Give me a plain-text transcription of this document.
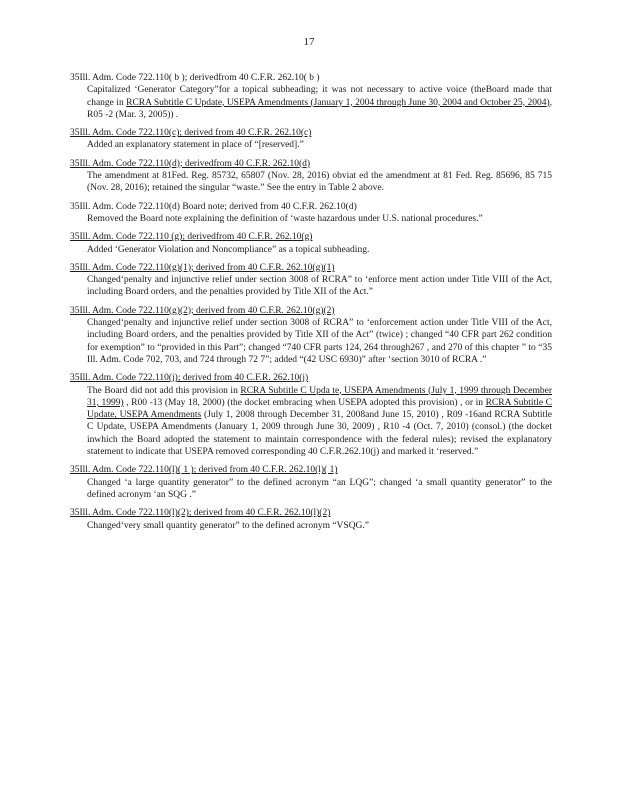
17
35Ill. Adm. Code 722.110( b ); derivedfrom 40 C.F.R. 262.10( b )
Capitalized ‘Generator Category”for a topical subheading; it was not necessary to active voice (theBoard made that change in RCRA Subtitle C Update, USEPA Amendments (January 1, 2004 through June 30, 2004 and October 25, 2004), R05 -2 (Mar. 3, 2005)) .
35Ill. Adm. Code 722.110(c); derived from 40 C.F.R. 262.10(c)
Added an explanatory statement in place of “[reserved].”
35Ill. Adm. Code 722.110(d); derivedfrom 40 C.F.R. 262.10(d)
The amendment at 81Fed. Reg. 85732, 65807 (Nov. 28, 2016) obviat ed the amendment at 81 Fed. Reg. 85696, 85 715 (Nov. 28, 2016); retained the singular “waste.” See the entry in Table 2 above.
35Ill. Adm. Code 722.110(d) Board note; derived from 40 C.F.R. 262.10(d)
Removed the Board note explaining the definition of ‘waste hazardous under U.S. national procedures.”
35Ill. Adm. Code 722.110 (g); derivedfrom 40 C.F.R. 262.10(g)
Added ‘Generator Violation and Noncompliance” as a topical subheading.
35Ill. Adm. Code 722.110(g)(1); derived from 40 C.F.R. 262.10(g)(1)
Changed‘penalty and injunctive relief under section 3008 of RCRA” to ‘enforce ment action under Title VIII of the Act, including Board orders, and the penalties provided by Title XII of the Act.”
35Ill. Adm. Code 722.110(g)(2); derived from 40 C.F.R. 262.10(g)(2)
Changed‘penalty and injunctive relief under section 3008 of RCRA” to ‘enforcement action under Title VIII of the Act, including Board orders, and the penalties provided by Title XII of the Act” (twice) ; changed “40 CFR part 262 condition for exemption” to “provided in this Part”; changed “740 CFR parts 124, 264 through267 , and 270 of this chapter ” to “35 Ill. Adm. Code 702, 703, and 724 through 72 7”; added “(42 USC 6930)” after ‘section 3010 of RCRA .”
35Ill. Adm. Code 722.110(j); derived from 40 C.F.R. 262.10(j)
The Board did not add this provision in RCRA Subtitle C Upda te, USEPA Amendments (July 1, 1999 through December 31, 1999) , R00 -13 (May 18, 2000) (the docket embracing when USEPA adopted this provision) , or in RCRA Subtitle C Update, USEPA Amendments (July 1, 2008 through December 31, 2008and June 15, 2010) , R09 -16and RCRA Subtitle C Update, USEPA Amendments (January 1, 2009 through June 30, 2009) , R10 -4 (Oct. 7, 2010) (consol.) (the docket inwhich the Board adopted the statement to maintain correspondence with the federal rules); revised the explanatory statement to indicate that USEPA removed corresponding 40 C.F.R.262.10(j) and marked it ‘reserved.”
35Ill. Adm. Code 722.110(l)( 1 ); derived from 40 C.F.R. 262.10(l)( 1)
Changed ‘a large quantity generator” to the defined acronym “an LQG”; changed ‘a small quantity generator” to the defined acronym ‘an SQG .”
35Ill. Adm. Code 722.110(l)(2); derived from 40 C.F.R. 262.10(l)(2)
Changed‘very small quantity generator” to the defined acronym “VSQG.”
